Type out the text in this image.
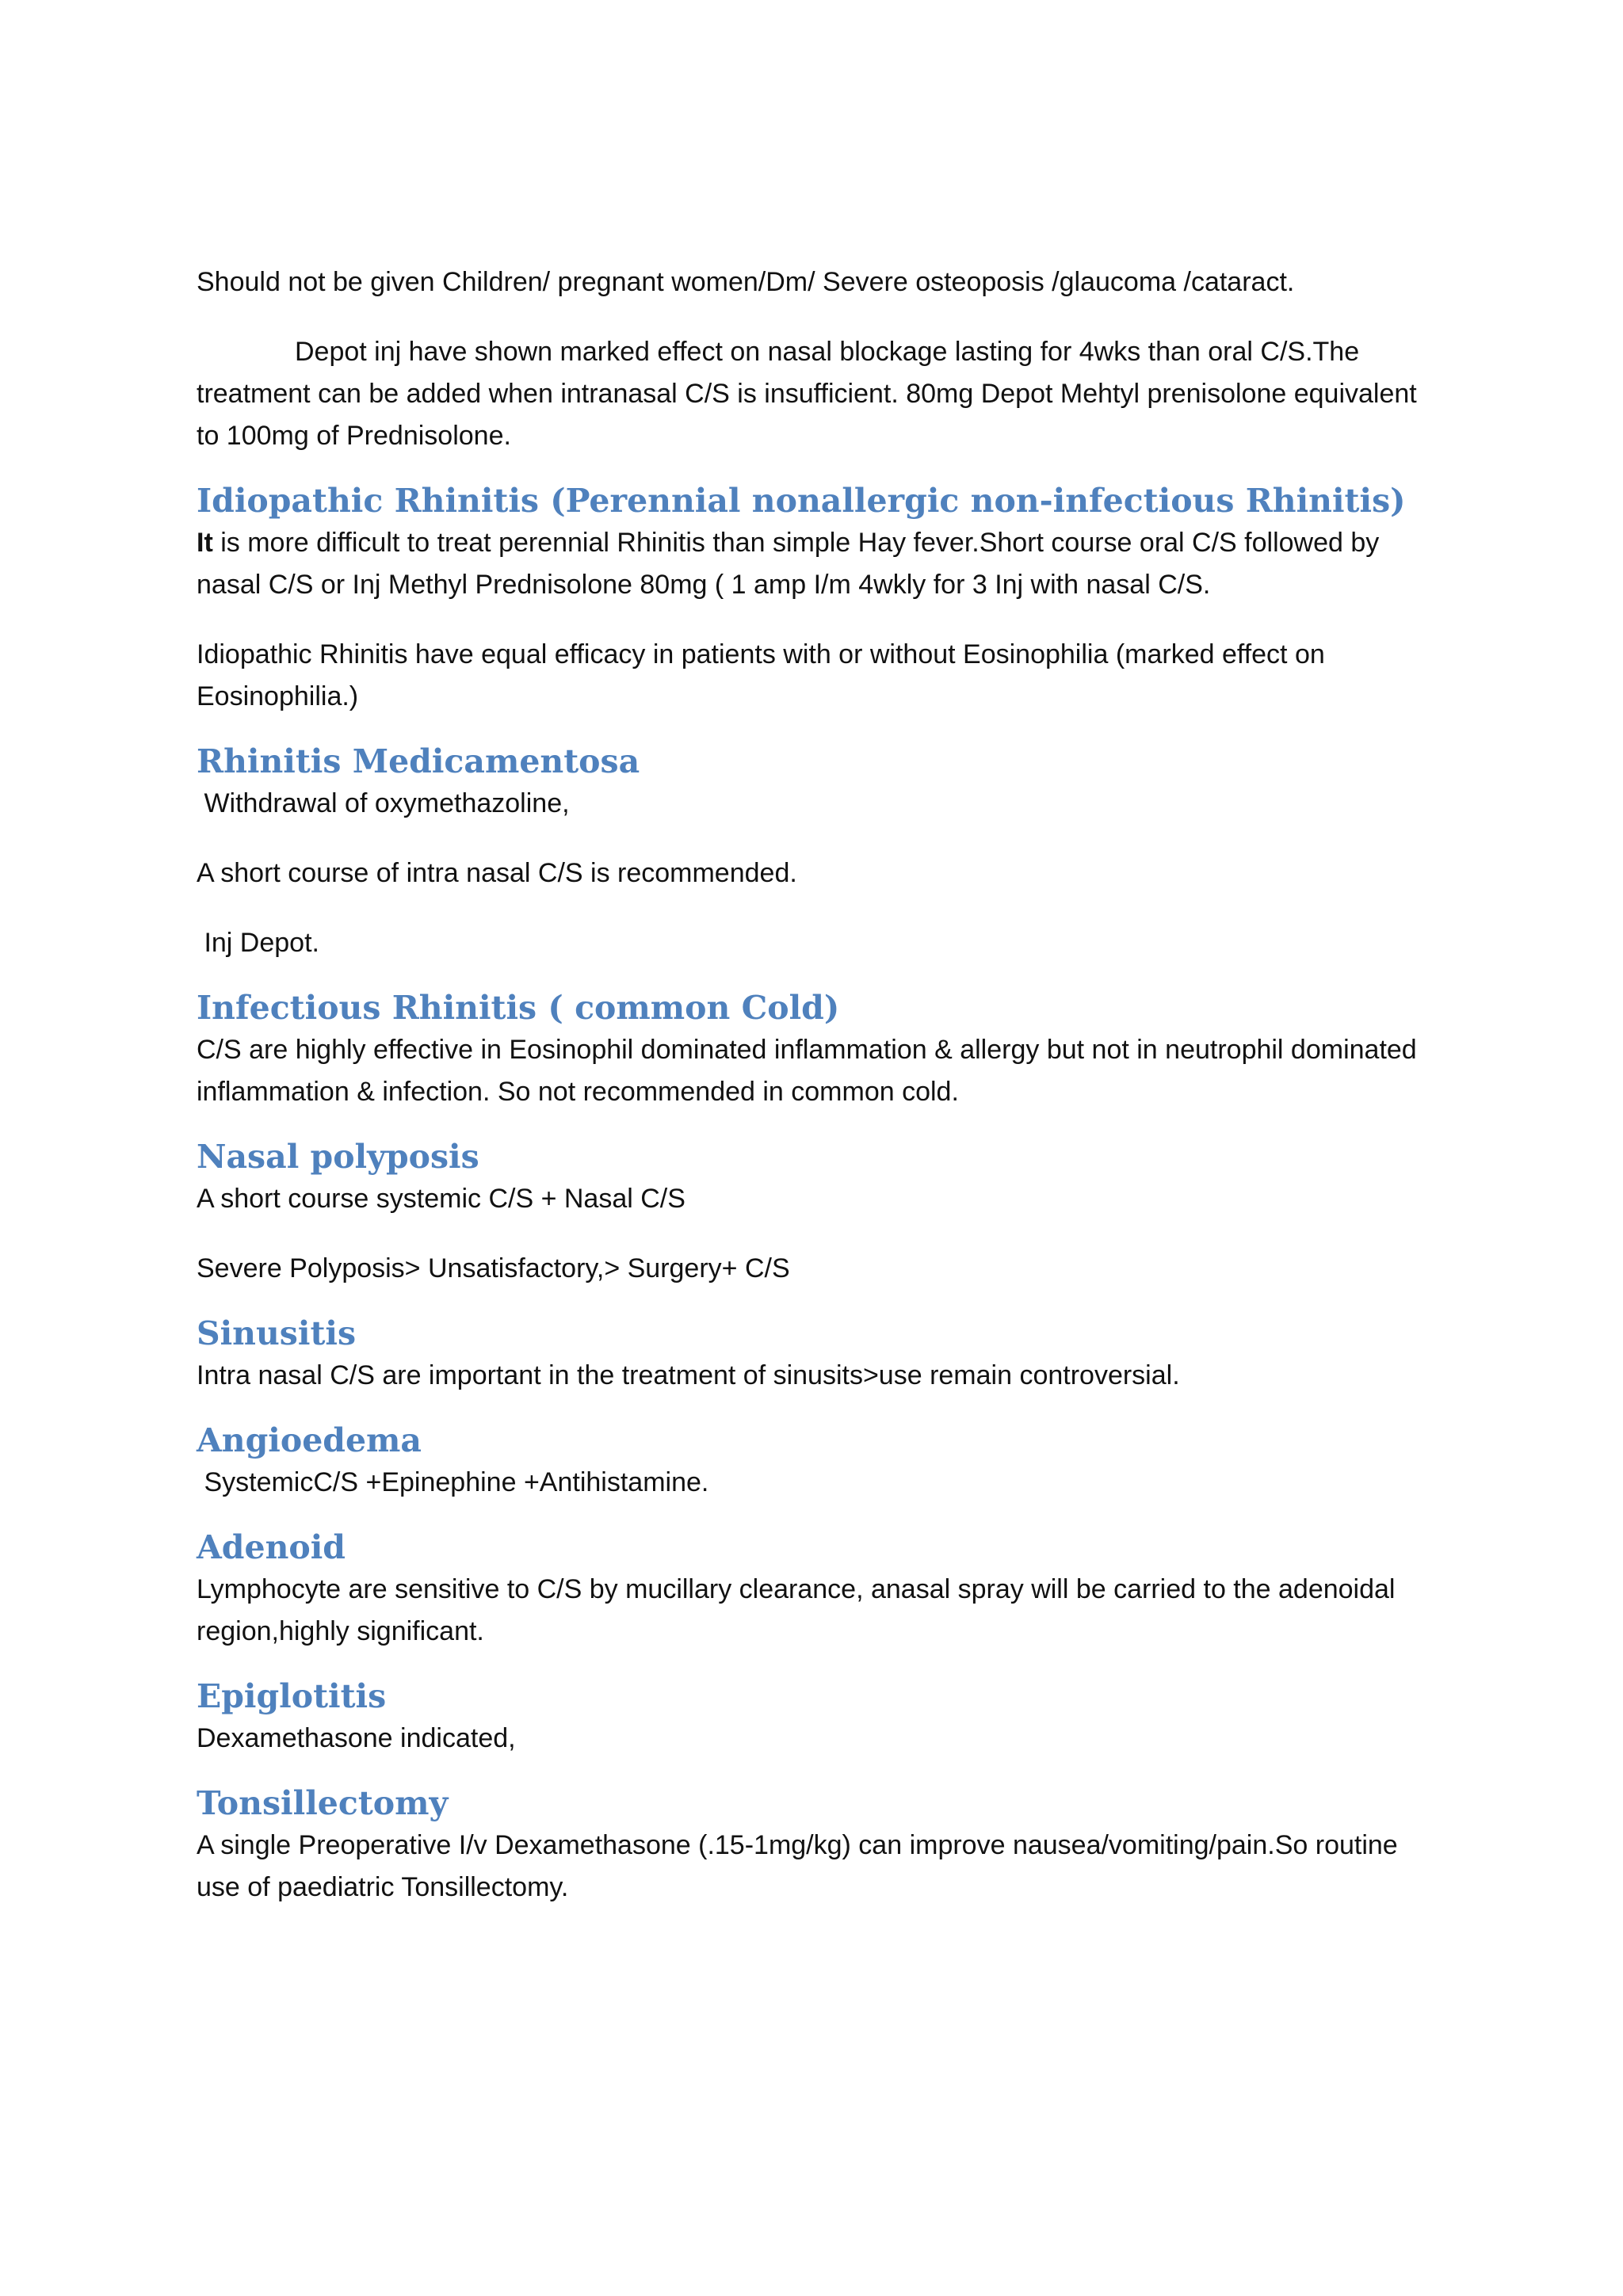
Should not be given Children/ pregnant women/Dm/ Severe osteoposis /glaucoma /cataract.

Depot inj have shown marked effect on nasal blockage lasting for 4wks than oral C/S.The treatment can be added when intranasal C/S is insufficient. 80mg Depot Mehtyl prenisolone equivalent to 100mg of Prednisolone.

Idiopathic Rhinitis (Perennial nonallergic non-infectious Rhinitis)

It is more difficult to treat perennial Rhinitis than simple Hay fever.Short course oral C/S followed by nasal C/S or Inj Methyl Prednisolone 80mg ( 1 amp I/m 4wkly for 3 Inj with nasal C/S.

Idiopathic Rhinitis have equal efficacy in patients with or without Eosinophilia (marked effect on Eosinophilia.)

Rhinitis Medicamentosa

Withdrawal of oxymethazoline,

A short course of intra nasal C/S is recommended.

Inj Depot.

Infectious Rhinitis ( common Cold)

C/S are highly effective in Eosinophil dominated inflammation & allergy but not in neutrophil dominated inflammation & infection. So not recommended in common cold.

Nasal polyposis

A short course systemic C/S + Nasal C/S

Severe Polyposis> Unsatisfactory,> Surgery+ C/S

Sinusitis

Intra nasal C/S are important in the treatment of sinusits>use remain controversial.

Angioedema

SystemicC/S +Epinephine +Antihistamine.

Adenoid

Lymphocyte are sensitive to C/S by mucillary clearance, anasal spray will be carried to the adenoidal region,highly significant.

Epiglotitis

Dexamethasone indicated,

Tonsillectomy

A single Preoperative I/v Dexamethasone (.15-1mg/kg) can improve nausea/vomiting/pain.So routine use of paediatric Tonsillectomy.
